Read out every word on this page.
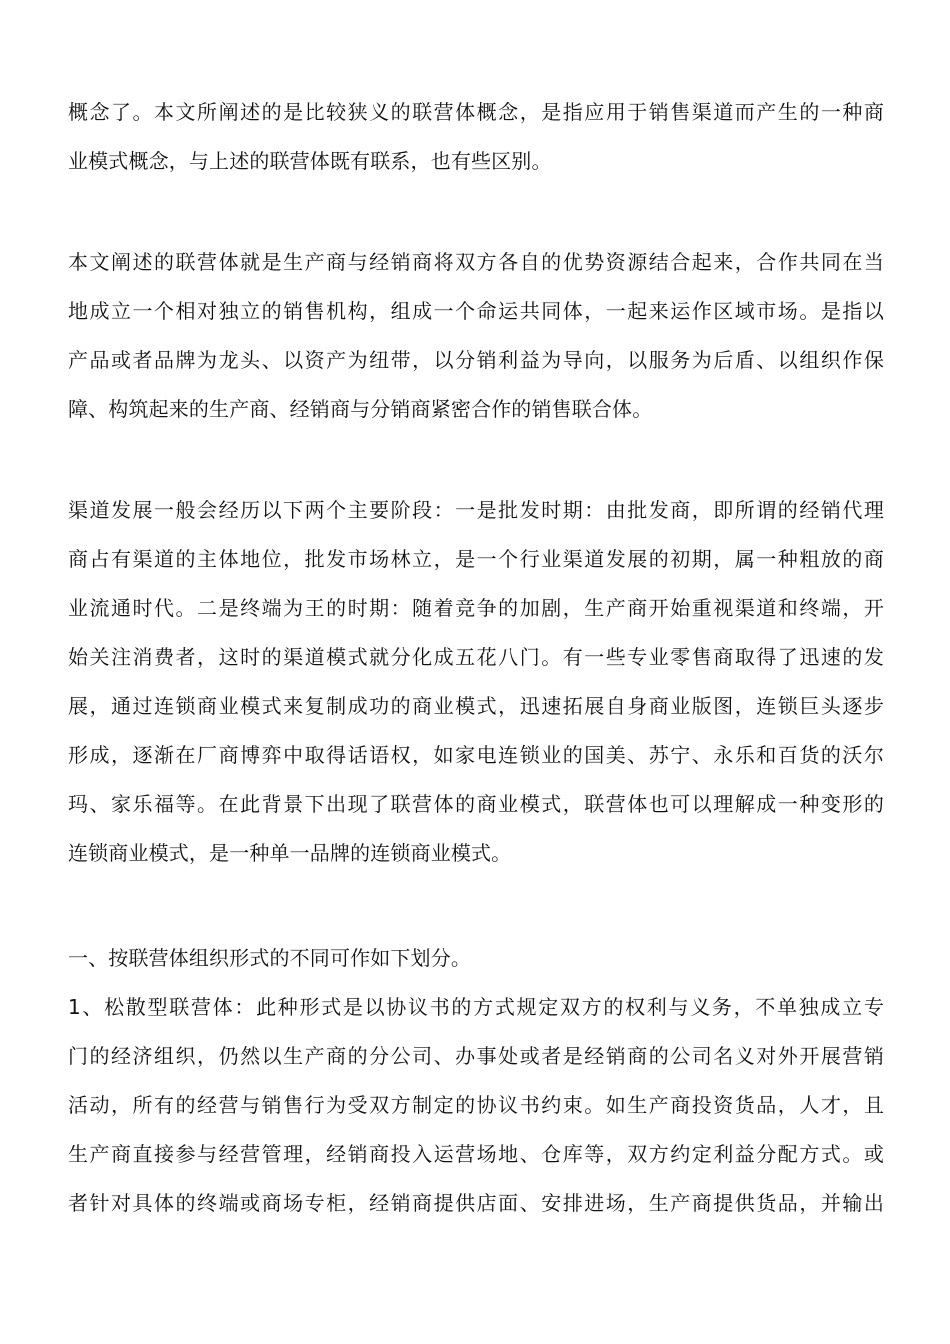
概念了。本文所阐述的是比较狭义的联营体概念，是指应用于销售渠道而产生的一种商
业模式概念，与上述的联营体既有联系，也有些区别。
本文阐述的联营体就是生产商与经销商将双方各自的优势资源结合起来，合作共同在当
地成立一个相对独立的销售机构，组成一个命运共同体，一起来运作区域市场。是指以
产品或者品牌为龙头、以资产为纽带，以分销利益为导向，以服务为后盾、以组织作保
障、构筑起来的生产商、经销商与分销商紧密合作的销售联合体。
渠道发展一般会经历以下两个主要阶段：一是批发时期：由批发商，即所谓的经销代理
商占有渠道的主体地位，批发市场林立，是一个行业渠道发展的初期，属一种粗放的商
业流通时代。二是终端为王的时期：随着竞争的加剧，生产商开始重视渠道和终端，开
始关注消费者，这时的渠道模式就分化成五花八门。有一些专业零售商取得了迅速的发
展，通过连锁商业模式来复制成功的商业模式，迅速拓展自身商业版图，连锁巨头逐步
形成，逐渐在厂商博弈中取得话语权，如家电连锁业的国美、苏宁、永乐和百货的沃尔
玛、家乐福等。在此背景下出现了联营体的商业模式，联营体也可以理解成一种变形的
连锁商业模式，是一种单一品牌的连锁商业模式。
一、按联营体组织形式的不同可作如下划分。
1、松散型联营体：此种形式是以协议书的方式规定双方的权利与义务，不单独成立专
门的经济组织，仍然以生产商的分公司、办事处或者是经销商的公司名义对外开展营销
活动，所有的经营与销售行为受双方制定的协议书约束。如生产商投资货品，人才，且
生产商直接参与经营管理，经销商投入运营场地、仓库等，双方约定利益分配方式。或
者针对具体的终端或商场专柜，经销商提供店面、安排进场，生产商提供货品，并输出
